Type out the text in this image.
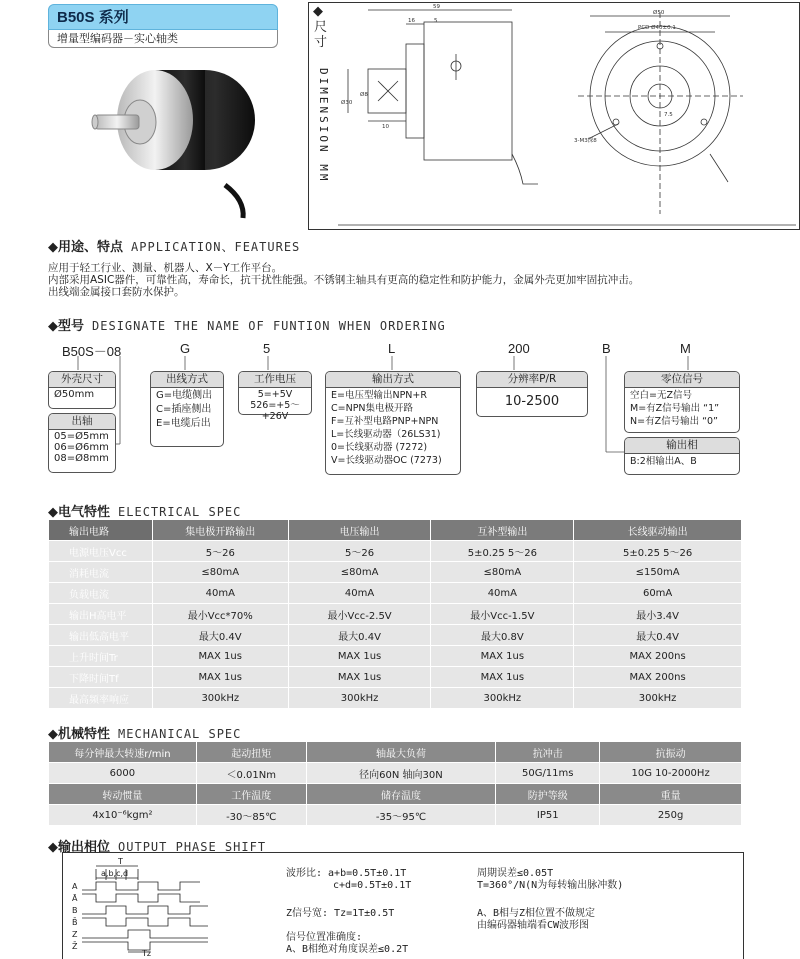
B50S 系列
增量型编码器－实心轴类
◆
尺寸
DIMENSION MM
59
16	5
10
Ø50
PCD Ø40±0.1
Ø8
Ø30
7.5
3-M3深8
◆用途、特点 APPLICATION、FEATURES
应用于轻工行业、测量、机器人、X－Y工作平台。
内部采用ASIC器件，可靠性高，寿命长，抗干扰性能强。不锈钢主轴具有更高的稳定性和防护能力，金属外壳更加牢固抗冲击。
出线端金属接口套防水保护。
◆型号 DESIGNATE THE NAME OF FUNTION WHEN ORDERING
B50S－08	G	5	L	200	B	M
外壳尺寸
Ø50mm
出轴
05=Ø5mm
06=Ø6mm
08=Ø8mm
出线方式
G=电缆侧出
C=插座侧出
E=电缆后出
工作电压
5=+5V
526=+5～+26V
输出方式
E=电压型输出NPN+R
C=NPN集电极开路
F=互补型电路PNP+NPN
L=长线驱动器（26LS31)
0=长线驱动器 (7272)
V=长线驱动器OC (7273)
分辨率P/R
10-2500
零位信号
空白=无Z信号
M=有Z信号输出 “1”
N=有Z信号输出 “0”
输出相
B:2相输出A、B
◆电气特性 ELECTRICAL SPEC
输出电路	集电极开路输出	电压输出	互补型输出	长线驱动输出
电源电压Vcc	5～26	5～26	5±0.25 5～26	5±0.25 5～26
消耗电流	≤80mA	≤80mA	≤80mA	≤150mA
负载电流	40mA	40mA	40mA	60mA
输出H高电平	最小Vcc*70%	最小Vcc-2.5V	最小Vcc-1.5V	最小3.4V
输出低高电平	最大0.4V	最大0.4V	最大0.8V	最大0.4V
上升时间Tr	MAX 1us	MAX 1us	MAX 1us	MAX 200ns
下降时间Tf	MAX 1us	MAX 1us	MAX 1us	MAX 200ns
最高频率响应	300kHz	300kHz	300kHz	300kHz
◆机械特性 MECHANICAL SPEC
每分钟最大转速r/min	起动扭矩	轴最大负荷	抗冲击	抗振动
6000	＜0.01Nm	径向60N 轴向30N	50G/11ms	10G 10-2000Hz
转动惯量	工作温度	储存温度	防护等级	重量
4x10⁻⁶kgm²	-30～85℃	-35～95℃	IP51	250g
◆输出相位 OUTPUT PHASE SHIFT
T
a,b,c,d
Tz
A
Ā
B
B̄
Z
Z̄
波形比: a+b=0.5T±0.1T
c+d=0.5T±0.1T
周期误差≤0.05T
T=360°/N(N为每转输出脉冲数)
Z信号宽: Tz=1T±0.5T	A、B相与Z相位置不做规定
由编码器轴端看CW波形图
信号位置准确度:
A、B相绝对角度误差≤0.2T
